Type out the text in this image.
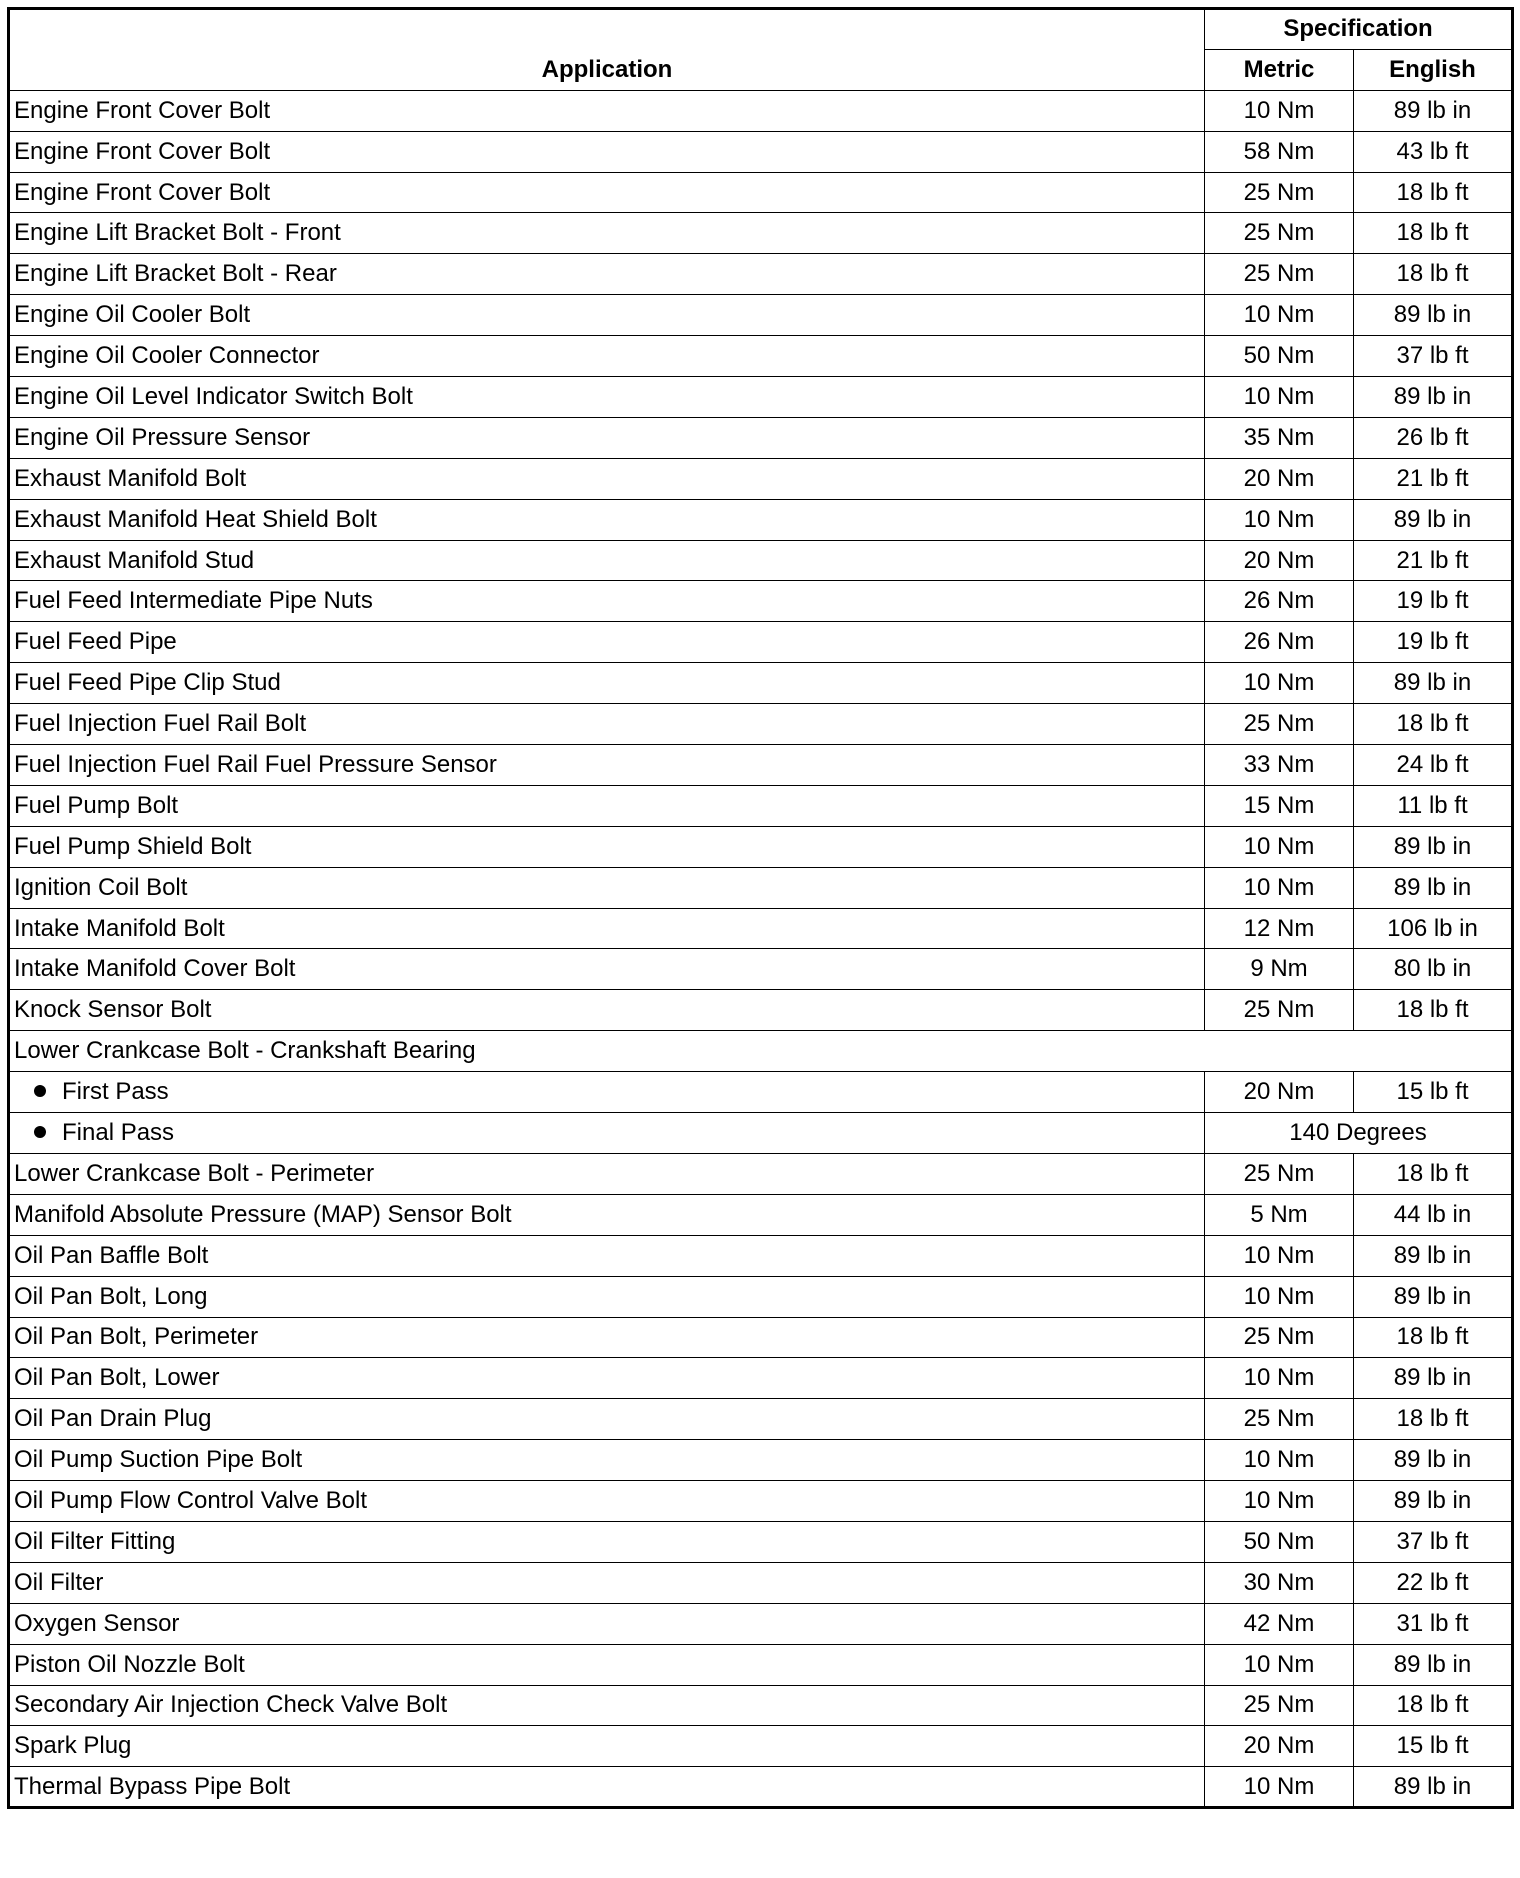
Application	Specification	
	Metric	English
Engine Front Cover Bolt	10 Nm	89 lb in
Engine Front Cover Bolt	58 Nm	43 lb ft
Engine Front Cover Bolt	25 Nm	18 lb ft
Engine Lift Bracket Bolt - Front	25 Nm	18 lb ft
Engine Lift Bracket Bolt - Rear	25 Nm	18 lb ft
Engine Oil Cooler Bolt	10 Nm	89 lb in
Engine Oil Cooler Connector	50 Nm	37 lb ft
Engine Oil Level Indicator Switch Bolt	10 Nm	89 lb in
Engine Oil Pressure Sensor	35 Nm	26 lb ft
Exhaust Manifold Bolt	20 Nm	21 lb ft
Exhaust Manifold Heat Shield Bolt	10 Nm	89 lb in
Exhaust Manifold Stud	20 Nm	21 lb ft
Fuel Feed Intermediate Pipe Nuts	26 Nm	19 lb ft
Fuel Feed Pipe	26 Nm	19 lb ft
Fuel Feed Pipe Clip Stud	10 Nm	89 lb in
Fuel Injection Fuel Rail Bolt	25 Nm	18 lb ft
Fuel Injection Fuel Rail Fuel Pressure Sensor	33 Nm	24 lb ft
Fuel Pump Bolt	15 Nm	11 lb ft
Fuel Pump Shield Bolt	10 Nm	89 lb in
Ignition Coil Bolt	10 Nm	89 lb in
Intake Manifold Bolt	12 Nm	106 lb in
Intake Manifold Cover Bolt	9 Nm	80 lb in
Knock Sensor Bolt	25 Nm	18 lb ft
Lower Crankcase Bolt - Crankshaft Bearing		
First Pass	20 Nm	15 lb ft
Final Pass	140 Degrees	
Lower Crankcase Bolt - Perimeter	25 Nm	18 lb ft
Manifold Absolute Pressure (MAP) Sensor Bolt	5 Nm	44 lb in
Oil Pan Baffle Bolt	10 Nm	89 lb in
Oil Pan Bolt, Long	10 Nm	89 lb in
Oil Pan Bolt, Perimeter	25 Nm	18 lb ft
Oil Pan Bolt, Lower	10 Nm	89 lb in
Oil Pan Drain Plug	25 Nm	18 lb ft
Oil Pump Suction Pipe Bolt	10 Nm	89 lb in
Oil Pump Flow Control Valve Bolt	10 Nm	89 lb in
Oil Filter Fitting	50 Nm	37 lb ft
Oil Filter	30 Nm	22 lb ft
Oxygen Sensor	42 Nm	31 lb ft
Piston Oil Nozzle Bolt	10 Nm	89 lb in
Secondary Air Injection Check Valve Bolt	25 Nm	18 lb ft
Spark Plug	20 Nm	15 lb ft
Thermal Bypass Pipe Bolt	10 Nm	89 lb in
